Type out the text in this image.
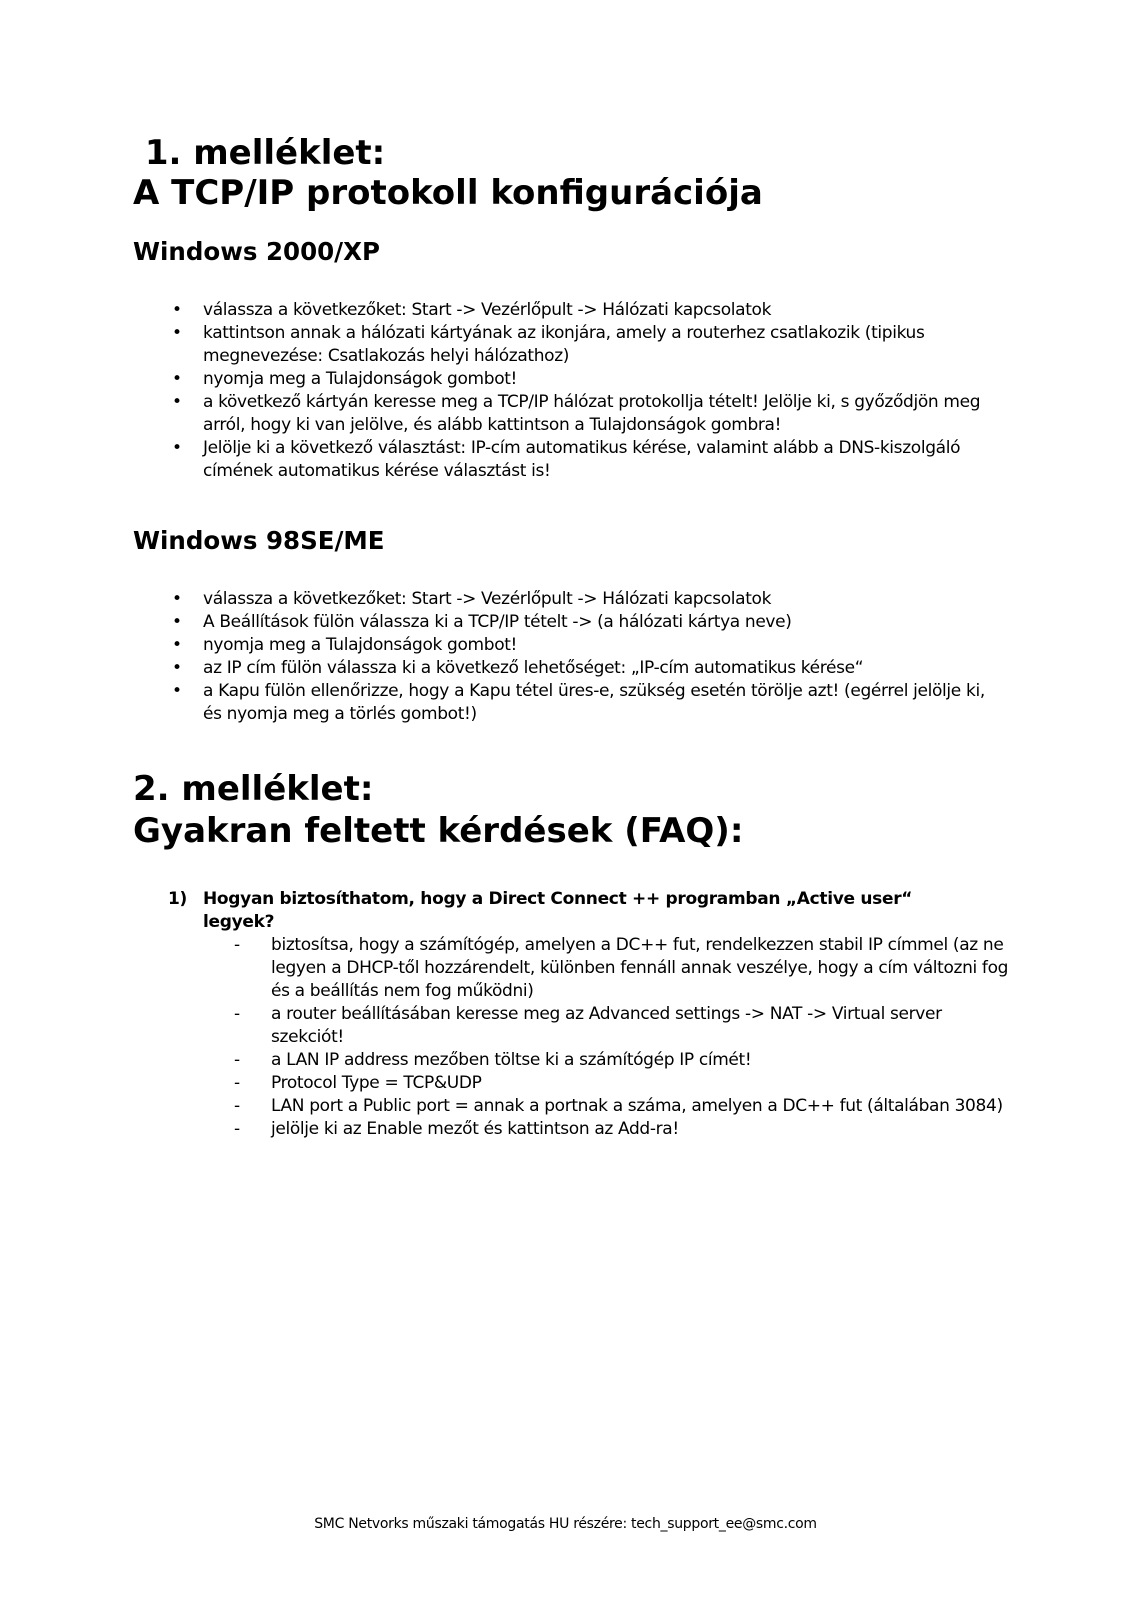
1. melléklet:
A TCP/IP protokoll konfigurációja
Windows 2000/XP
• válassza a következőket: Start -> Vezérlőpult -> Hálózati kapcsolatok
• kattintson annak a hálózati kártyának az ikonjára, amely a routerhez csatlakozik (tipikus megnevezése: Csatlakozás helyi hálózathoz)
• nyomja meg a Tulajdonságok gombot!
• a következő kártyán keresse meg a TCP/IP hálózat protokollja tételt! Jelölje ki, s győződjön meg arról, hogy ki van jelölve, és alább kattintson a Tulajdonságok gombra!
• Jelölje ki a következő választást: IP-cím automatikus kérése, valamint alább a DNS-kiszolgáló címének automatikus kérése választást is!
Windows 98SE/ME
• válassza a következőket: Start -> Vezérlőpult -> Hálózati kapcsolatok
• A Beállítások fülön válassza ki a TCP/IP tételt -> (a hálózati kártya neve)
• nyomja meg a Tulajdonságok gombot!
• az IP cím fülön válassza ki a következő lehetőséget: „IP-cím automatikus kérése“
• a Kapu fülön ellenőrizze, hogy a Kapu tétel üres-e, szükség esetén törölje azt! (egérrel jelölje ki, és nyomja meg a törlés gombot!)
2. melléklet:
Gyakran feltett kérdések (FAQ):
1) Hogyan biztosíthatom, hogy a Direct Connect ++ programban „Active user“ legyek?
- biztosítsa, hogy a számítógép, amelyen a DC++ fut, rendelkezzen stabil IP címmel (az ne legyen a DHCP-től hozzárendelt, különben fennáll annak veszélye, hogy a cím változni fog és a beállítás nem fog működni)
- a router beállításában keresse meg az Advanced settings -> NAT -> Virtual server szekciót!
- a LAN IP address mezőben töltse ki a számítógép IP címét!
- Protocol Type = TCP&UDP
- LAN port a Public port = annak a portnak a száma, amelyen a DC++ fut (általában 3084)
- jelölje ki az Enable mezőt és kattintson az Add-ra!
SMC Netvorks műszaki támogatás HU részére: tech_support_ee@smc.com
